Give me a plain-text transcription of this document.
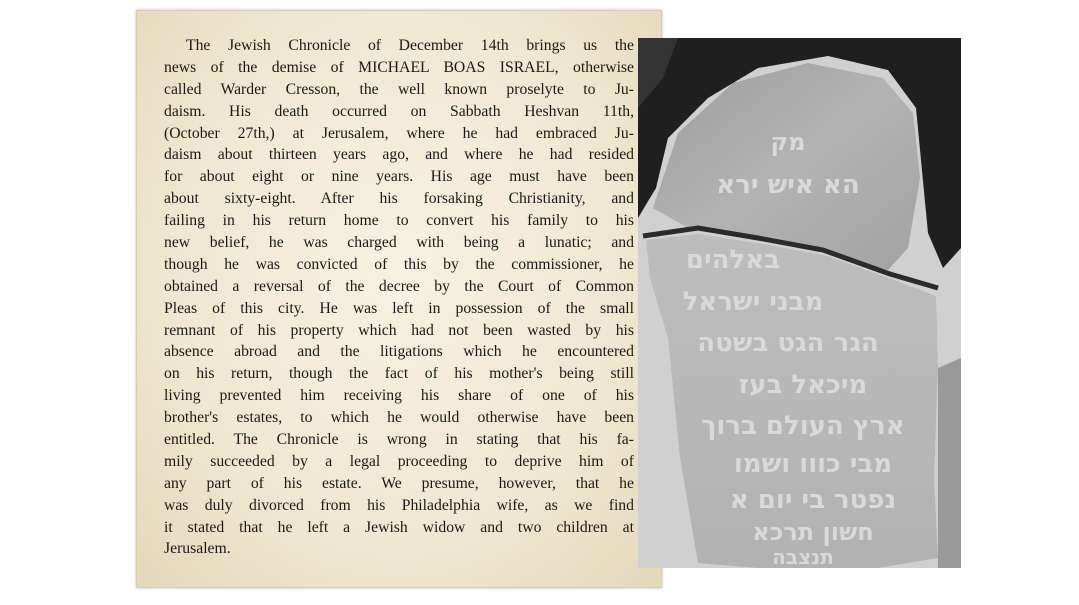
The Jewish Chronicle of December 14th brings us the
news of the demise of MICHAEL BOAS ISRAEL, otherwise
called Warder Cresson, the well known proselyte to Ju-
daism. His death occurred on Sabbath Heshvan 11th,
(October 27th,) at Jerusalem, where he had embraced Ju-
daism about thirteen years ago, and where he had resided
for about eight or nine years. His age must have been
about sixty-eight. After his forsaking Christianity, and
failing in his return home to convert his family to his
new belief, he was charged with being a lunatic; and
though he was convicted of this by the commissioner, he
obtained a reversal of the decree by the Court of Common
Pleas of this city. He was left in possession of the small
remnant of his property which had not been wasted by his
absence abroad and the litigations which he encountered
on his return, though the fact of his mother's being still
living prevented him receiving his share of one of his
brother's estates, to which he would otherwise have been
entitled. The Chronicle is wrong in stating that his fa-
mily succeeded by a legal proceeding to deprive him of
any part of his estate. We presume, however, that he
was duly divorced from his Philadelphia wife, as we find
it stated that he left a Jewish widow and two children at
Jerusalem.
מק
הא איש ירא
באלהים
מבני ישראל
הגר הגט בשטה
מיכאל בעז
ארץ העולם ברוך
מבי כווו ושמו
נפטר בי יום א
חשון תרכא
תנצבה
